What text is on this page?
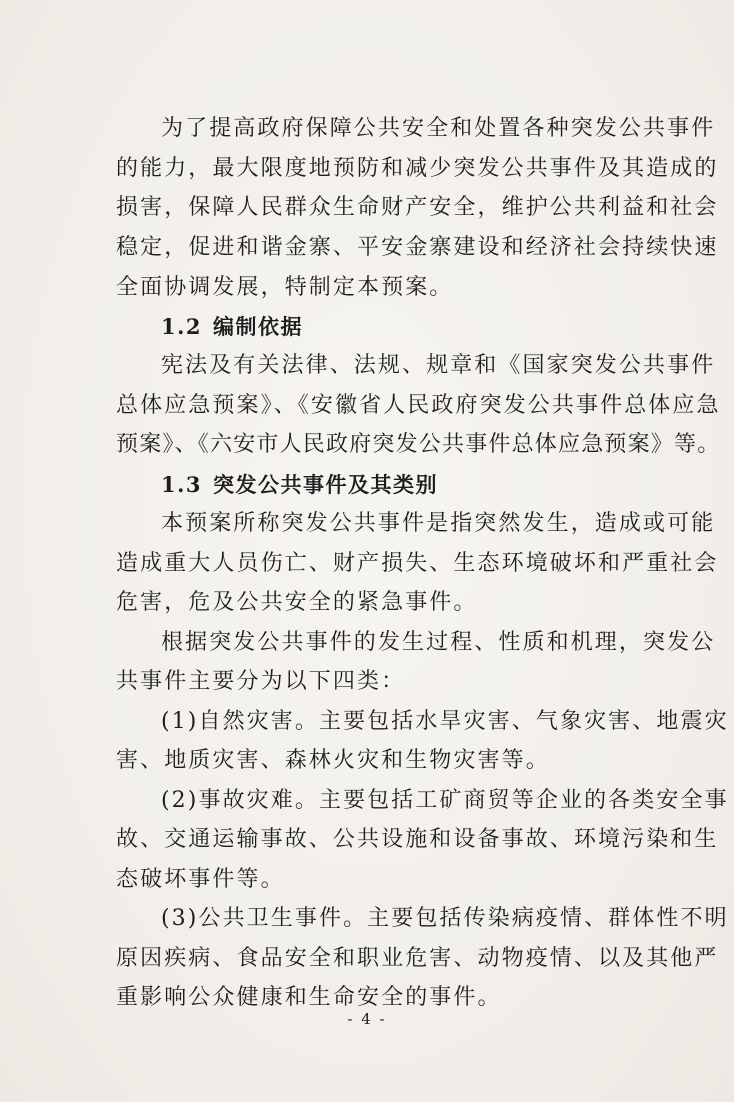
为了提高政府保障公共安全和处置各种突发公共事件
的能力，最大限度地预防和减少突发公共事件及其造成的
损害，保障人民群众生命财产安全，维护公共利益和社会
稳定，促进和谐金寨、平安金寨建设和经济社会持续快速
全面协调发展，特制定本预案。
1.2 编制依据
宪法及有关法律、法规、规章和《国家突发公共事件
总体应急预案》、《安徽省人民政府突发公共事件总体应急
预案》、《六安市人民政府突发公共事件总体应急预案》等。
1.3 突发公共事件及其类别
本预案所称突发公共事件是指突然发生，造成或可能
造成重大人员伤亡、财产损失、生态环境破坏和严重社会
危害，危及公共安全的紧急事件。
根据突发公共事件的发生过程、性质和机理，突发公
共事件主要分为以下四类：
(1)自然灾害。主要包括水旱灾害、气象灾害、地震灾
害、地质灾害、森林火灾和生物灾害等。
(2)事故灾难。主要包括工矿商贸等企业的各类安全事
故、交通运输事故、公共设施和设备事故、环境污染和生
态破坏事件等。
(3)公共卫生事件。主要包括传染病疫情、群体性不明
原因疾病、食品安全和职业危害、动物疫情、以及其他严
重影响公众健康和生命安全的事件。
- 4 -
